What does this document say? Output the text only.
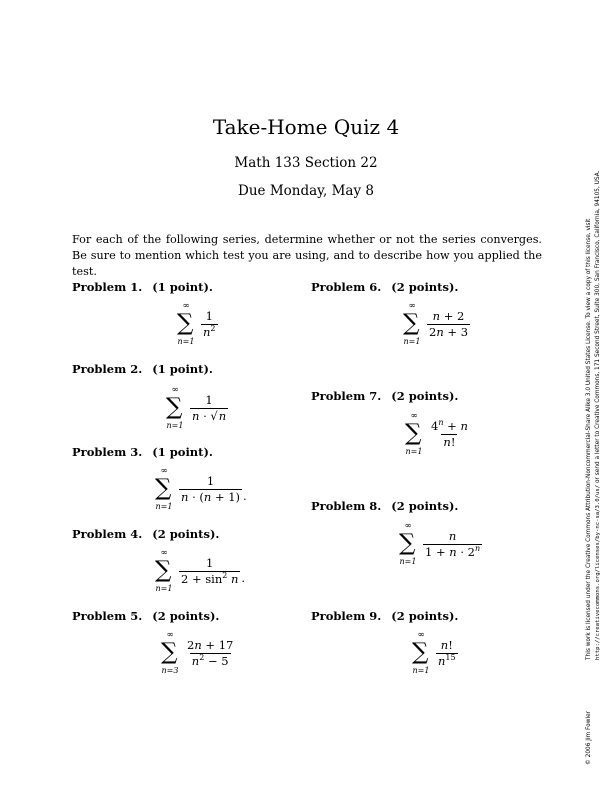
Take-Home Quiz 4
Math 133 Section 22
Due Monday, May 8
For each of the following series, determine whether or not the series converges. Be sure to mention which test you are using, and to describe how you applied the test.
Problem 1. (1 point).
∞
∑
n=1
$\frac{1}{n^2}$
Problem 2. (1 point).
∞
∑
n=1
$\frac{1}{n \cdot √n}$
Problem 3. (1 point).
∞
∑
n=1
$\frac{1}{n \cdot (n + 1)}$ .
Problem 4. (2 points).
∞
∑
n=1
$\frac{1}{2 + \sin^2 n}$ .
Problem 5. (2 points).
∞
∑
n=3
$\frac{2n + 17}{n^2 - 5}$
Problem 6. (2 points).
∞
∑
n=1
$\frac{n + 2}{2n + 3}$
Problem 7. (2 points).
∞
∑
n=1
$\frac{4^n + n}{n!}$
Problem 8. (2 points).
∞
∑
n=1
$\frac{n}{1 + n \cdot 2^n}$
Problem 9. (2 points).
∞
∑
n=1
$\frac{n!}{n^{15}}$
© 2006 Jim Fowler
This work is licensed under the Creative Commons Attribution-Noncommercial-Share Alike 3.0 United States License. To view a copy of this license, visit http://creativecommons.org/licenses/by-nc-sa/3.0/us/ or send a letter to Creative Commons, 171 Second Street, Suite 300, San Francisco, California, 94105, USA.
